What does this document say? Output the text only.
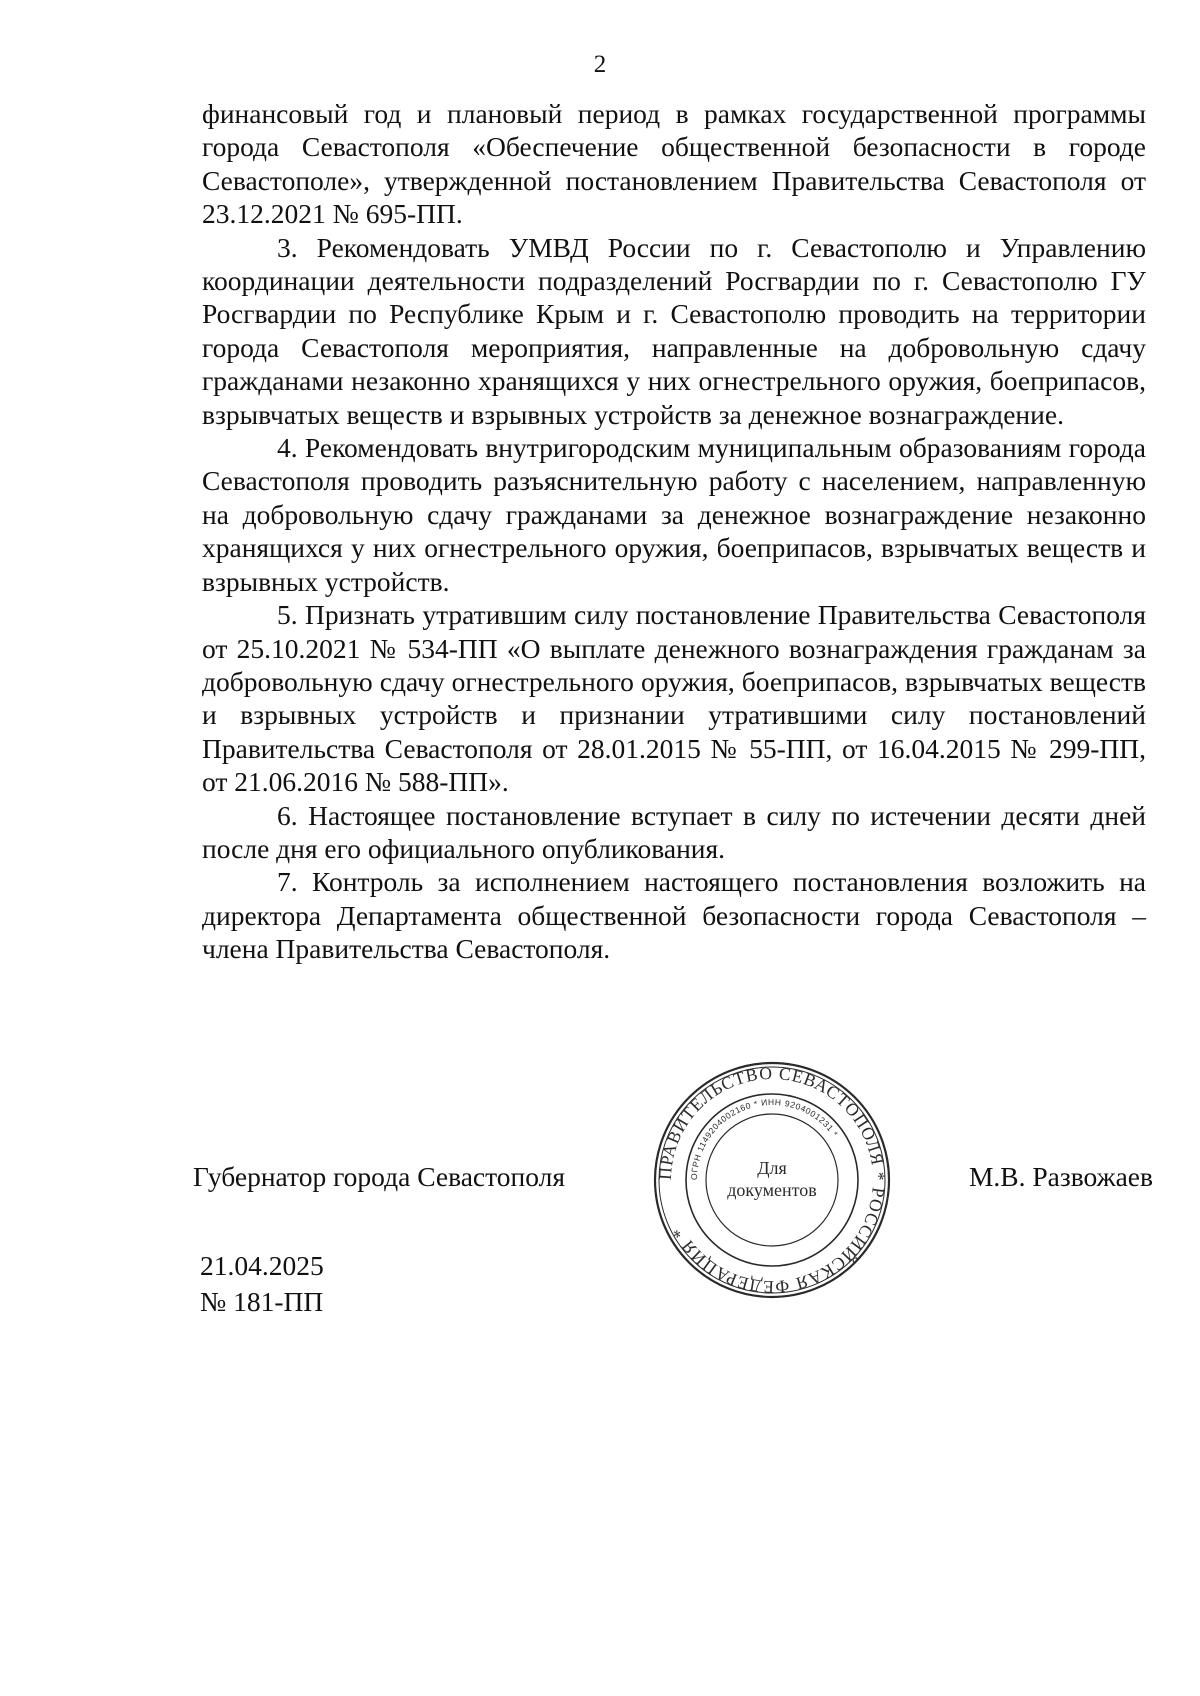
2

финансовый год и плановый период в рамках государственной программы города Севастополя «Обеспечение общественной безопасности в городе Севастополе», утвержденной постановлением Правительства Севастополя от 23.12.2021 № 695-ПП.

3. Рекомендовать УМВД России по г. Севастополю и Управлению координации деятельности подразделений Росгвардии по г. Севастополю ГУ Росгвардии по Республике Крым и г. Севастополю проводить на территории города Севастополя мероприятия, направленные на добровольную сдачу гражданами незаконно хранящихся у них огнестрельного оружия, боеприпасов, взрывчатых веществ и взрывных устройств за денежное вознаграждение.

4. Рекомендовать внутригородским муниципальным образованиям города Севастополя проводить разъяснительную работу с населением, направленную на добровольную сдачу гражданами за денежное вознаграждение незаконно хранящихся у них огнестрельного оружия, боеприпасов, взрывчатых веществ и взрывных устройств.

5. Признать утратившим силу постановление Правительства Севастополя от 25.10.2021 № 534-ПП «О выплате денежного вознаграждения гражданам за добровольную сдачу огнестрельного оружия, боеприпасов, взрывчатых веществ и взрывных устройств и признании утратившими силу постановлений Правительства Севастополя от 28.01.2015 № 55-ПП, от 16.04.2015 № 299-ПП, от 21.06.2016 № 588-ПП».

6. Настоящее постановление вступает в силу по истечении десяти дней после дня его официального опубликования.

7. Контроль за исполнением настоящего постановления возложить на директора Департамента общественной безопасности города Севастополя – члена Правительства Севастополя.

Губернатор города Севастополя	М.В. Развожаев
ПРАВИТЕЛЬСТВО СЕВАСТОПОЛЯ * РОССИЙСКАЯ ФЕДЕРАЦИЯ *
ОГРН 1149204002160 * ИНН 9204001231 *
Для
документов
21.04.2025
№ 181-ПП
